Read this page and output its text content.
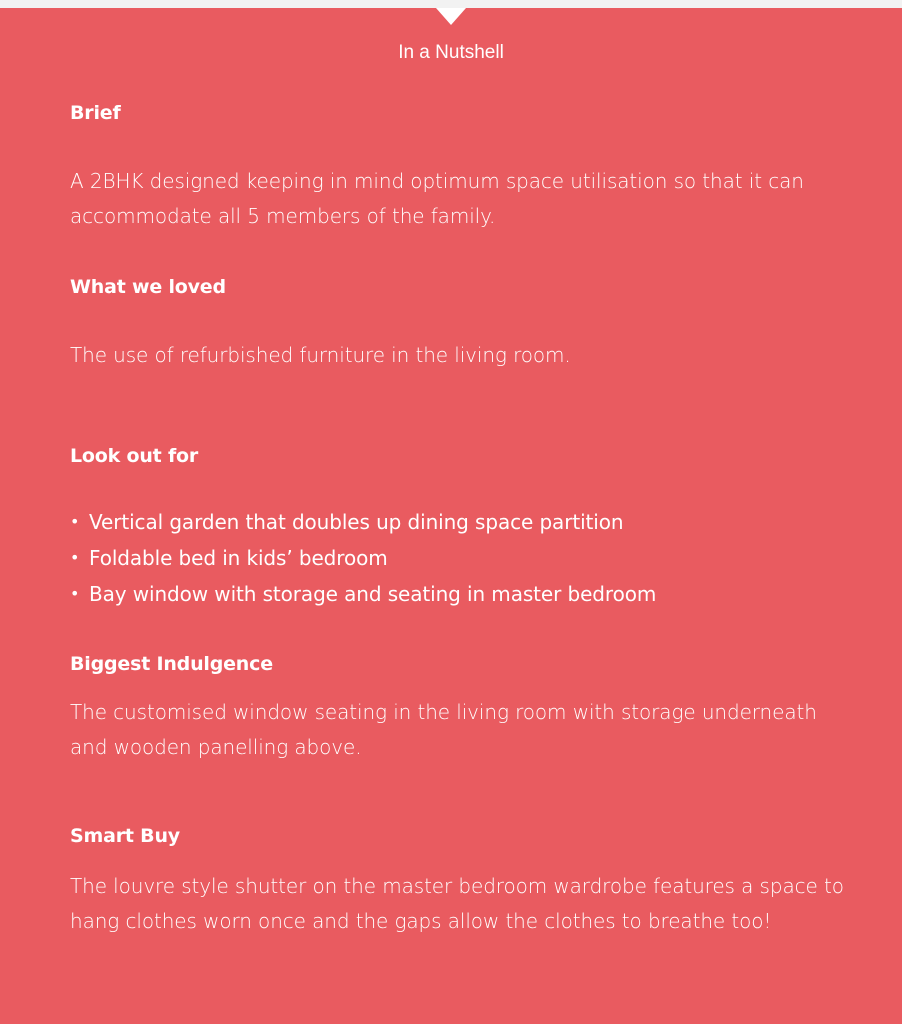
In a Nutshell
Brief

A 2BHK designed keeping in mind optimum space utilisation so that it can accommodate all 5 members of the family.

What we loved

The use of refurbished furniture in the living room.

Look out for
• Vertical garden that doubles up dining space partition
• Foldable bed in kids’ bedroom
• Bay window with storage and seating in master bedroom
Biggest Indulgence

The customised window seating in the living room with storage underneath and wooden panelling above.

Smart Buy

The louvre style shutter on the master bedroom wardrobe features a space to hang clothes worn once and the gaps allow the clothes to breathe too!
